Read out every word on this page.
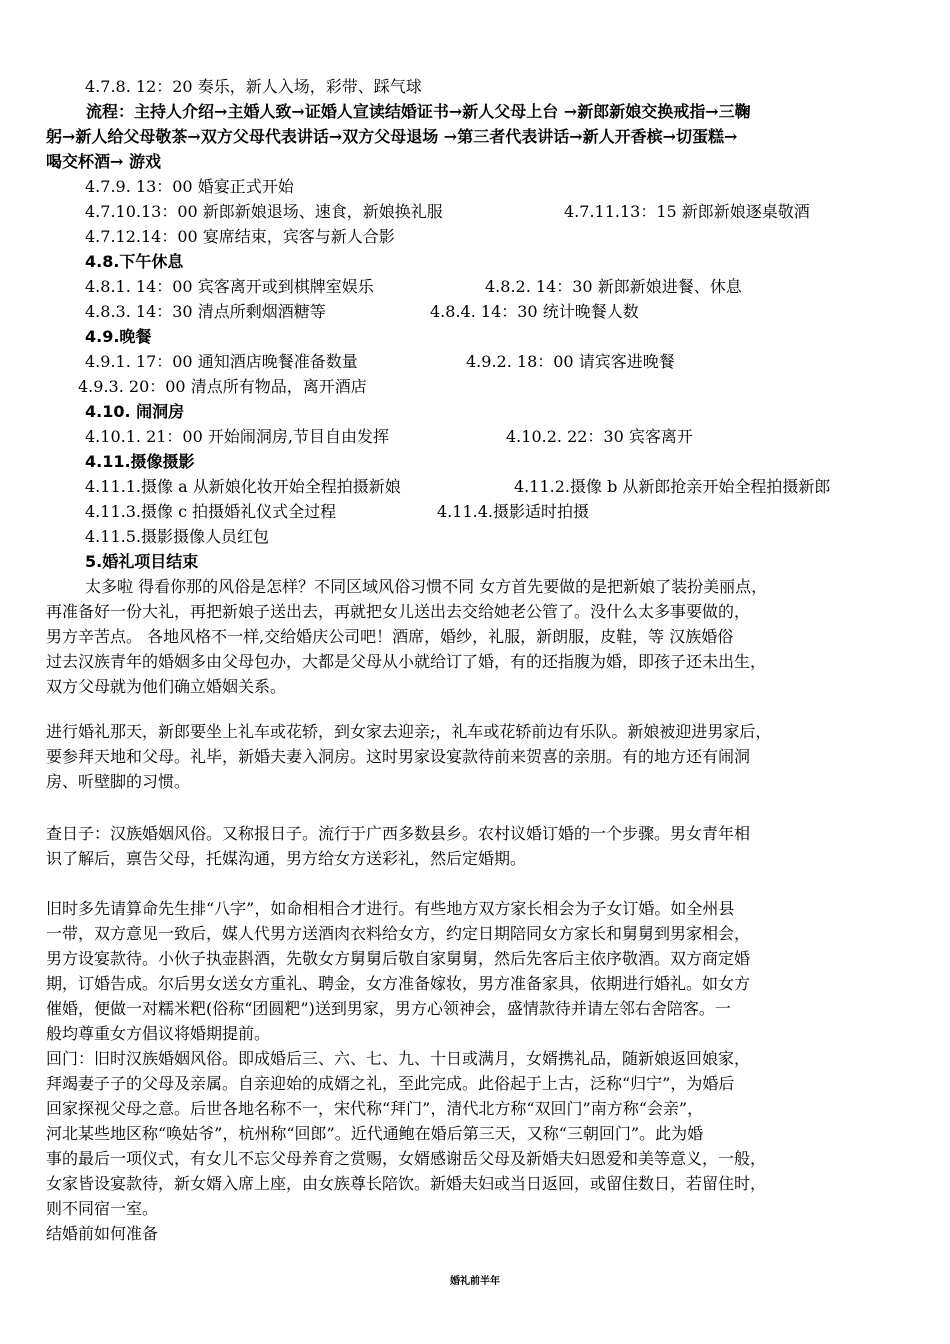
4.7.8. 12：20 奏乐，新人入场，彩带、踩气球
流程：主持人介绍→主婚人致→证婚人宣读结婚证书→新人父母上台 →新郎新娘交换戒指→三鞠
躬→新人给父母敬茶→双方父母代表讲话→双方父母退场 →第三者代表讲话→新人开香槟→切蛋糕→
喝交杯酒→ 游戏
4.7.9. 13：00 婚宴正式开始
4.7.10.13：00 新郎新娘退场、速食，新娘换礼服	4.7.11.13：15 新郎新娘逐桌敬酒
4.7.12.14：00 宴席结束，宾客与新人合影
4.8.下午休息
4.8.1. 14：00 宾客离开或到棋牌室娱乐	4.8.2. 14：30 新郎新娘进餐、休息
4.8.3. 14：30 清点所剩烟酒糖等	4.8.4. 14：30 统计晚餐人数
4.9.晚餐
4.9.1. 17：00 通知酒店晚餐准备数量	4.9.2. 18：00 请宾客进晚餐
4.9.3. 20：00 清点所有物品，离开酒店
4.10. 闹洞房
4.10.1. 21：00 开始闹洞房,节目自由发挥	4.10.2. 22：30 宾客离开
4.11.摄像摄影
4.11.1.摄像 a 从新娘化妆开始全程拍摄新娘	4.11.2.摄像 b 从新郎抢亲开始全程拍摄新郎
4.11.3.摄像 c 拍摄婚礼仪式全过程	4.11.4.摄影适时拍摄
4.11.5.摄影摄像人员红包
5.婚礼项目结束
太多啦 得看你那的风俗是怎样？不同区域风俗习惯不同 女方首先要做的是把新娘了装扮美丽点，
再准备好一份大礼，再把新娘子送出去，再就把女儿送出去交给她老公管了。没什么太多事要做的，
男方辛苦点。 各地风格不一样,交给婚庆公司吧！酒席，婚纱，礼服，新朗服，皮鞋，等 汉族婚俗
过去汉族青年的婚姻多由父母包办，大都是父母从小就给订了婚，有的还指腹为婚，即孩子还未出生，
双方父母就为他们确立婚姻关系。
进行婚礼那天，新郎要坐上礼车或花轿，到女家去迎亲;，礼车或花轿前边有乐队。新娘被迎进男家后，
要参拜天地和父母。礼毕，新婚夫妻入洞房。这时男家设宴款待前来贺喜的亲朋。有的地方还有闹洞
房、听壁脚的习惯。
查日子：汉族婚姻风俗。又称报日子。流行于广西多数县乡。农村议婚订婚的一个步骤。男女青年相
识了解后，禀告父母，托媒沟通，男方给女方送彩礼，然后定婚期。
旧时多先请算命先生排“八字”，如命相相合才进行。有些地方双方家长相会为子女订婚。如全州县
一带，双方意见一致后，媒人代男方送酒肉衣料给女方，约定日期陪同女方家长和舅舅到男家相会，
男方设宴款待。小伙子执壶斟酒，先敬女方舅舅后敬自家舅舅，然后先客后主依序敬酒。双方商定婚
期，订婚告成。尔后男女送女方重礼、聘金，女方准备嫁妆，男方准备家具，依期进行婚礼。如女方
催婚，便做一对糯米粑(俗称“团圆粑”)送到男家，男方心领神会，盛情款待并请左邻右舍陪客。一
般均尊重女方倡议将婚期提前。
回门：旧时汉族婚姻风俗。即成婚后三、六、七、九、十日或满月，女婿携礼品，随新娘返回娘家，
拜竭妻子子的父母及亲属。自亲迎始的成婿之礼，至此完成。此俗起于上古，泛称“归宁”，为婚后
回家探视父母之意。后世各地名称不一，宋代称“拜门”，清代北方称“双回门”南方称“会亲”，
河北某些地区称“唤姑爷”，杭州称“回郎”。近代通鲍在婚后第三天，又称“三朝回门”。此为婚
事的最后一项仪式，有女儿不忘父母养育之赏赐，女婿感谢岳父母及新婚夫妇恩爱和美等意义，一般，
女家皆设宴款待，新女婿入席上座，由女族尊长陪饮。新婚夫妇或当日返回，或留住数日，若留住时，
则不同宿一室。
结婚前如何准备
婚礼前半年
